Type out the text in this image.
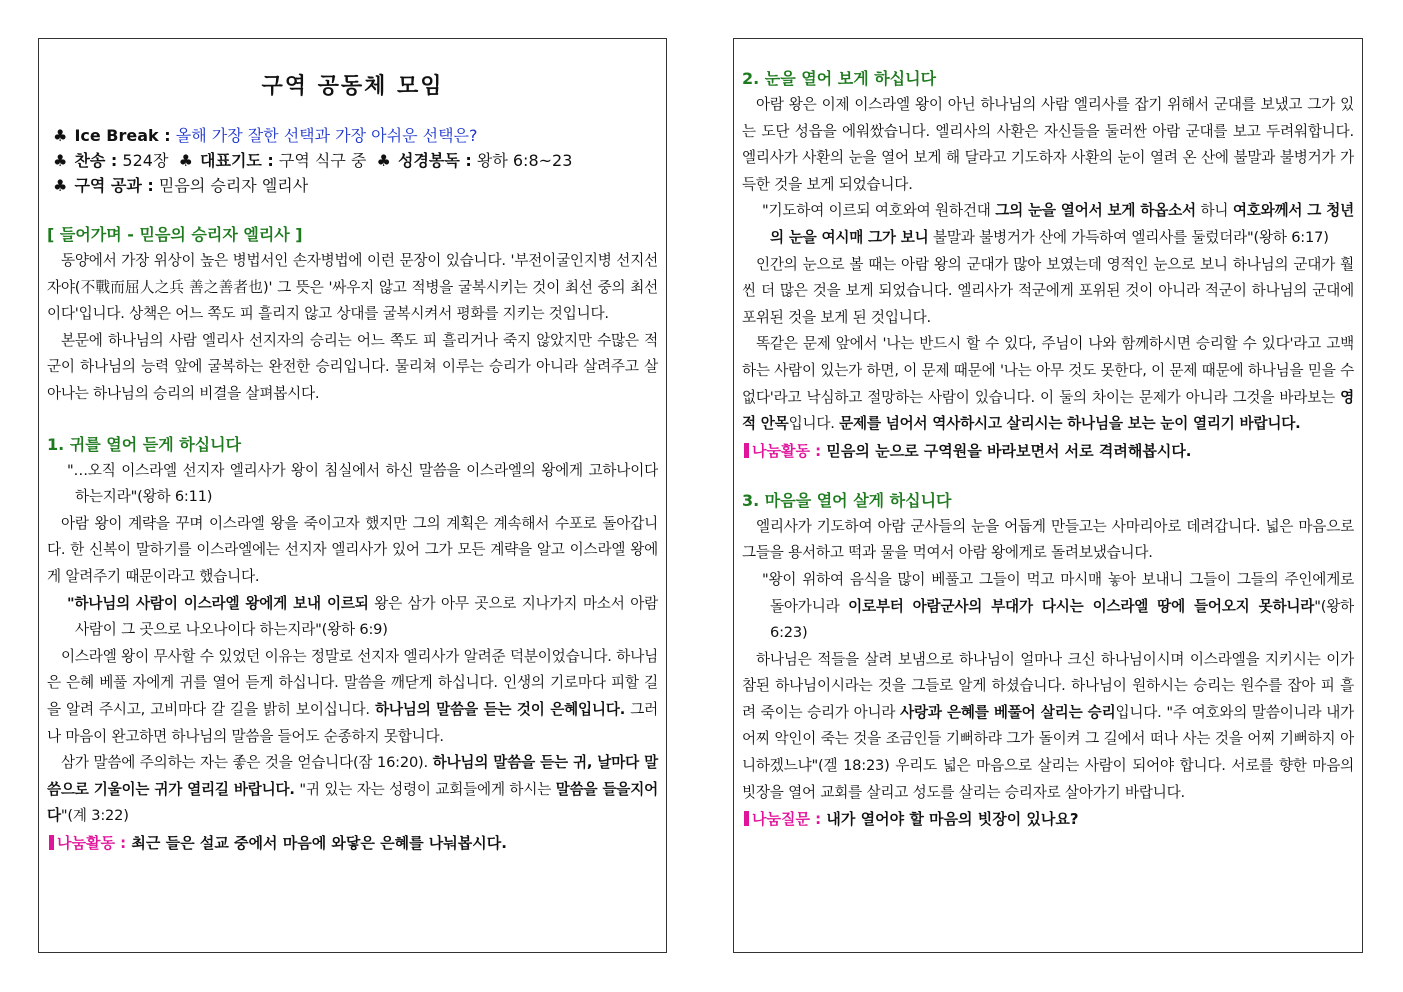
구역 공동체 모임

♣ Ice Break : 올해 가장 잘한 선택과 가장 아쉬운 선택은?

♣ 찬송 : 524장 ♣ 대표기도 : 구역 식구 중 ♣ 성경봉독 : 왕하 6:8~23

♣ 구역 공과 : 믿음의 승리자 엘리사

[ 들어가며 - 믿음의 승리자 엘리사 ]

동양에서 가장 위상이 높은 병법서인 손자병법에 이런 문장이 있습니다. '부전이굴인지병 선지선자야(不戰而屈人之兵 善之善者也)' 그 뜻은 '싸우지 않고 적병을 굴복시키는 것이 최선 중의 최선이다'입니다. 상책은 어느 쪽도 피 흘리지 않고 상대를 굴복시켜서 평화를 지키는 것입니다.

본문에 하나님의 사람 엘리사 선지자의 승리는 어느 쪽도 피 흘리거나 죽지 않았지만 수많은 적군이 하나님의 능력 앞에 굴복하는 완전한 승리입니다. 물리쳐 이루는 승리가 아니라 살려주고 살아나는 하나님의 승리의 비결을 살펴봅시다.

1. 귀를 열어 듣게 하십니다

"…오직 이스라엘 선지자 엘리사가 왕이 침실에서 하신 말씀을 이스라엘의 왕에게 고하나이다 하는지라"(왕하 6:11)

아람 왕이 계략을 꾸며 이스라엘 왕을 죽이고자 했지만 그의 계획은 계속해서 수포로 돌아갑니다. 한 신복이 말하기를 이스라엘에는 선지자 엘리사가 있어 그가 모든 계략을 알고 이스라엘 왕에게 알려주기 때문이라고 했습니다.

"하나님의 사람이 이스라엘 왕에게 보내 이르되 왕은 삼가 아무 곳으로 지나가지 마소서 아람 사람이 그 곳으로 나오나이다 하는지라"(왕하 6:9)

이스라엘 왕이 무사할 수 있었던 이유는 정말로 선지자 엘리사가 알려준 덕분이었습니다. 하나님은 은혜 베풀 자에게 귀를 열어 듣게 하십니다. 말씀을 깨닫게 하십니다. 인생의 기로마다 피할 길을 알려 주시고, 고비마다 갈 길을 밝히 보이십니다. 하나님의 말씀을 듣는 것이 은혜입니다. 그러나 마음이 완고하면 하나님의 말씀을 들어도 순종하지 못합니다.

삼가 말씀에 주의하는 자는 좋은 것을 얻습니다(잠 16:20). 하나님의 말씀을 듣는 귀, 날마다 말씀으로 기울이는 귀가 열리길 바랍니다. "귀 있는 자는 성령이 교회들에게 하시는 말씀을 들을지어다"(계 3:22)

나눔활동 : 최근 들은 설교 중에서 마음에 와닿은 은혜를 나눠봅시다.

2. 눈을 열어 보게 하십니다

아람 왕은 이제 이스라엘 왕이 아닌 하나님의 사람 엘리사를 잡기 위해서 군대를 보냈고 그가 있는 도단 성읍을 에워쌌습니다. 엘리사의 사환은 자신들을 둘러싼 아람 군대를 보고 두려워합니다. 엘리사가 사환의 눈을 열어 보게 해 달라고 기도하자 사환의 눈이 열려 온 산에 불말과 불병거가 가득한 것을 보게 되었습니다.

"기도하여 이르되 여호와여 원하건대 그의 눈을 열어서 보게 하옵소서 하니 여호와께서 그 청년의 눈을 여시매 그가 보니 불말과 불병거가 산에 가득하여 엘리사를 둘렀더라"(왕하 6:17)

인간의 눈으로 볼 때는 아람 왕의 군대가 많아 보였는데 영적인 눈으로 보니 하나님의 군대가 훨씬 더 많은 것을 보게 되었습니다. 엘리사가 적군에게 포위된 것이 아니라 적군이 하나님의 군대에 포위된 것을 보게 된 것입니다.

똑같은 문제 앞에서 '나는 반드시 할 수 있다, 주님이 나와 함께하시면 승리할 수 있다'라고 고백하는 사람이 있는가 하면, 이 문제 때문에 '나는 아무 것도 못한다, 이 문제 때문에 하나님을 믿을 수 없다'라고 낙심하고 절망하는 사람이 있습니다. 이 둘의 차이는 문제가 아니라 그것을 바라보는 영적 안목입니다. 문제를 넘어서 역사하시고 살리시는 하나님을 보는 눈이 열리기 바랍니다.

나눔활동 : 믿음의 눈으로 구역원을 바라보면서 서로 격려해봅시다.

3. 마음을 열어 살게 하십니다

엘리사가 기도하여 아람 군사들의 눈을 어둡게 만들고는 사마리아로 데려갑니다. 넓은 마음으로 그들을 용서하고 떡과 물을 먹여서 아람 왕에게로 돌려보냈습니다.

"왕이 위하여 음식을 많이 베풀고 그들이 먹고 마시매 놓아 보내니 그들이 그들의 주인에게로 돌아가니라 이로부터 아람군사의 부대가 다시는 이스라엘 땅에 들어오지 못하니라"(왕하 6:23)

하나님은 적들을 살려 보냄으로 하나님이 얼마나 크신 하나님이시며 이스라엘을 지키시는 이가 참된 하나님이시라는 것을 그들로 알게 하셨습니다. 하나님이 원하시는 승리는 원수를 잡아 피 흘려 죽이는 승리가 아니라 사랑과 은혜를 베풀어 살리는 승리입니다. "주 여호와의 말씀이니라 내가 어찌 악인이 죽는 것을 조금인들 기뻐하랴 그가 돌이켜 그 길에서 떠나 사는 것을 어찌 기뻐하지 아니하겠느냐"(겔 18:23) 우리도 넓은 마음으로 살리는 사람이 되어야 합니다. 서로를 향한 마음의 빗장을 열어 교회를 살리고 성도를 살리는 승리자로 살아가기 바랍니다.

나눔질문 : 내가 열어야 할 마음의 빗장이 있나요?
